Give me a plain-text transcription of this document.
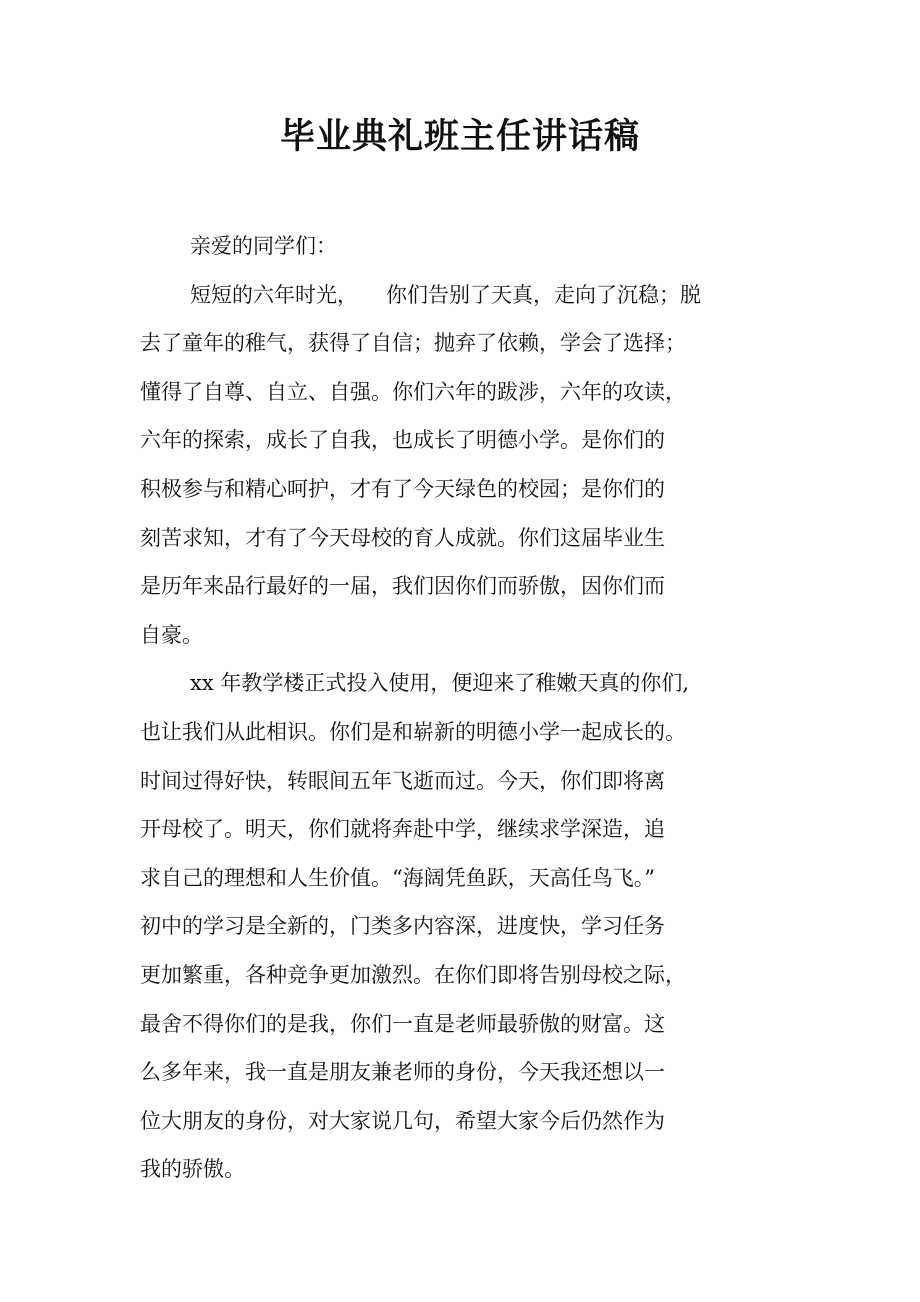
毕业典礼班主任讲话稿
亲爱的同学们：
短短的六年时光， 你们告别了天真，走向了沉稳；脱
去了童年的稚气，获得了自信；抛弃了依赖，学会了选择；
懂得了自尊、自立、自强。你们六年的跋涉，六年的攻读，
六年的探索，成长了自我，也成长了明德小学。是你们的
积极参与和精心呵护，才有了今天绿色的校园；是你们的
刻苦求知，才有了今天母校的育人成就。你们这届毕业生
是历年来品行最好的一届，我们因你们而骄傲，因你们而
自豪。
xx 年教学楼正式投入使用，便迎来了稚嫩天真的你们,
也让我们从此相识。你们是和崭新的明德小学一起成长的。
时间过得好快，转眼间五年飞逝而过。今天，你们即将离
开母校了。明天，你们就将奔赴中学，继续求学深造，追
求自己的理想和人生价值。“海阔凭鱼跃，天高任鸟飞。”
初中的学习是全新的，门类多内容深，进度快，学习任务
更加繁重，各种竞争更加激烈。在你们即将告别母校之际，
最舍不得你们的是我，你们一直是老师最骄傲的财富。这
么多年来，我一直是朋友兼老师的身份，今天我还想以一
位大朋友的身份，对大家说几句，希望大家今后仍然作为
我的骄傲。
